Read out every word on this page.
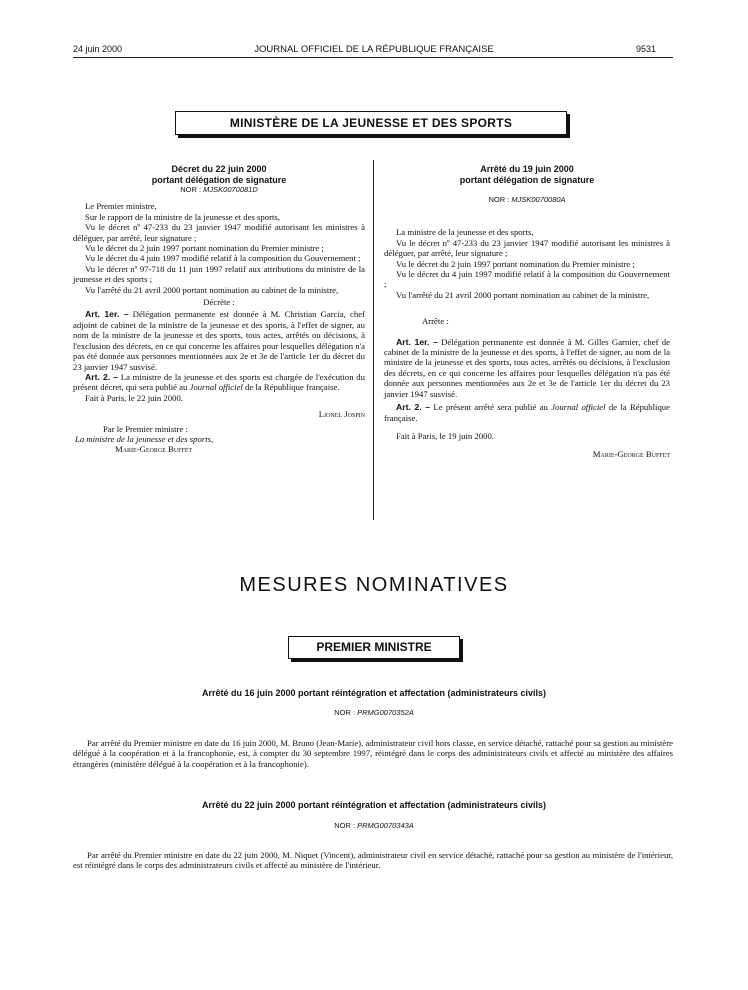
24 juin 2000	JOURNAL OFFICIEL DE LA RÉPUBLIQUE FRANÇAISE	9531
MINISTÈRE DE LA JEUNESSE ET DES SPORTS
Décret du 22 juin 2000
portant délégation de signature
NOR : MJSK0070081D

Le Premier ministre,

Sur le rapport de la ministre de la jeunesse et des sports,

Vu le décret nº 47-233 du 23 janvier 1947 modifié autorisant les ministres à déléguer, par arrêté, leur signature ;

Vu le décret du 2 juin 1997 portant nomination du Premier ministre ;

Vu le décret du 4 juin 1997 modifié relatif à la composition du Gouvernement ;

Vu le décret nº 97-718 du 11 juin 1997 relatif aux attributions du ministre de la jeunesse et des sports ;

Vu l'arrêté du 21 avril 2000 portant nomination au cabinet de la ministre,

Décrète :

Art. 1er. – Délégation permanente est donnée à M. Christian Garcia, chef adjoint de cabinet de la ministre de la jeunesse et des sports, à l'effet de signer, au nom de la ministre de la jeunesse et des sports, tous actes, arrêtés ou décisions, à l'exclusion des décrets, en ce qui concerne les affaires pour lesquelles délégation n'a pas été donnée aux personnes mentionnées aux 2e et 3e de l'article 1er du décret du 23 janvier 1947 susvisé.

Art. 2. – La ministre de la jeunesse et des sports est chargée de l'exécution du présent décret, qui sera publié au Journal officiel de la République française.

Fait à Paris, le 22 juin 2000.

Lionel Jospin

Par le Premier ministre :

La ministre de la jeunesse et des sports,

Marie-George Buffet

Arrêté du 19 juin 2000
portant délégation de signature
NOR : MJSK0070080A

La ministre de la jeunesse et des sports,

Vu le décret nº 47-233 du 23 janvier 1947 modifié autorisant les ministres à déléguer, par arrêté, leur signature ;

Vu le décret du 2 juin 1997 portant nomination du Premier ministre ;

Vu le décret du 4 juin 1997 modifié relatif à la composition du Gouvernement ;

Vu l'arrêté du 21 avril 2000 portant nomination au cabinet de la ministre,

Arrête :

Art. 1er. – Délégation permanente est donnée à M. Gilles Garnier, chef de cabinet de la ministre de la jeunesse et des sports, à l'effet de signer, au nom de la ministre de la jeunesse et des sports, tous actes, arrêtés ou décisions, à l'exclusion des décrets, en ce qui concerne les affaires pour lesquelles délégation n'a pas été donnée aux personnes mentionnées aux 2e et 3e de l'article 1er du décret du 23 janvier 1947 susvisé.

Art. 2. – Le présent arrêté sera publié au Journal officiel de la République française.

Fait à Paris, le 19 juin 2000.

Marie-George Buffet

MESURES NOMINATIVES
PREMIER MINISTRE
Arrêté du 16 juin 2000 portant réintégration et affectation (administrateurs civils)
NOR : PRMG0070352A
Par arrêté du Premier ministre en date du 16 juin 2000, M. Bruno (Jean-Marie), administrateur civil hors classe, en service détaché, rattaché pour sa gestion au ministère délégué à la coopération et à la francophonie, est, à compter du 30 septembre 1997, réintégré dans le corps des administrateurs civils et affecté au ministère des affaires étrangères (ministère délégué à la coopération et à la francophonie).
Arrêté du 22 juin 2000 portant réintégration et affectation (administrateurs civils)
NOR : PRMG0070343A
Par arrêté du Premier ministre en date du 22 juin 2000, M. Niquet (Vincent), administrateur civil en service détaché, rattaché pour sa gestion au ministère de l'intérieur, est réintégré dans le corps des administrateurs civils et affecté au ministère de l'intérieur.
